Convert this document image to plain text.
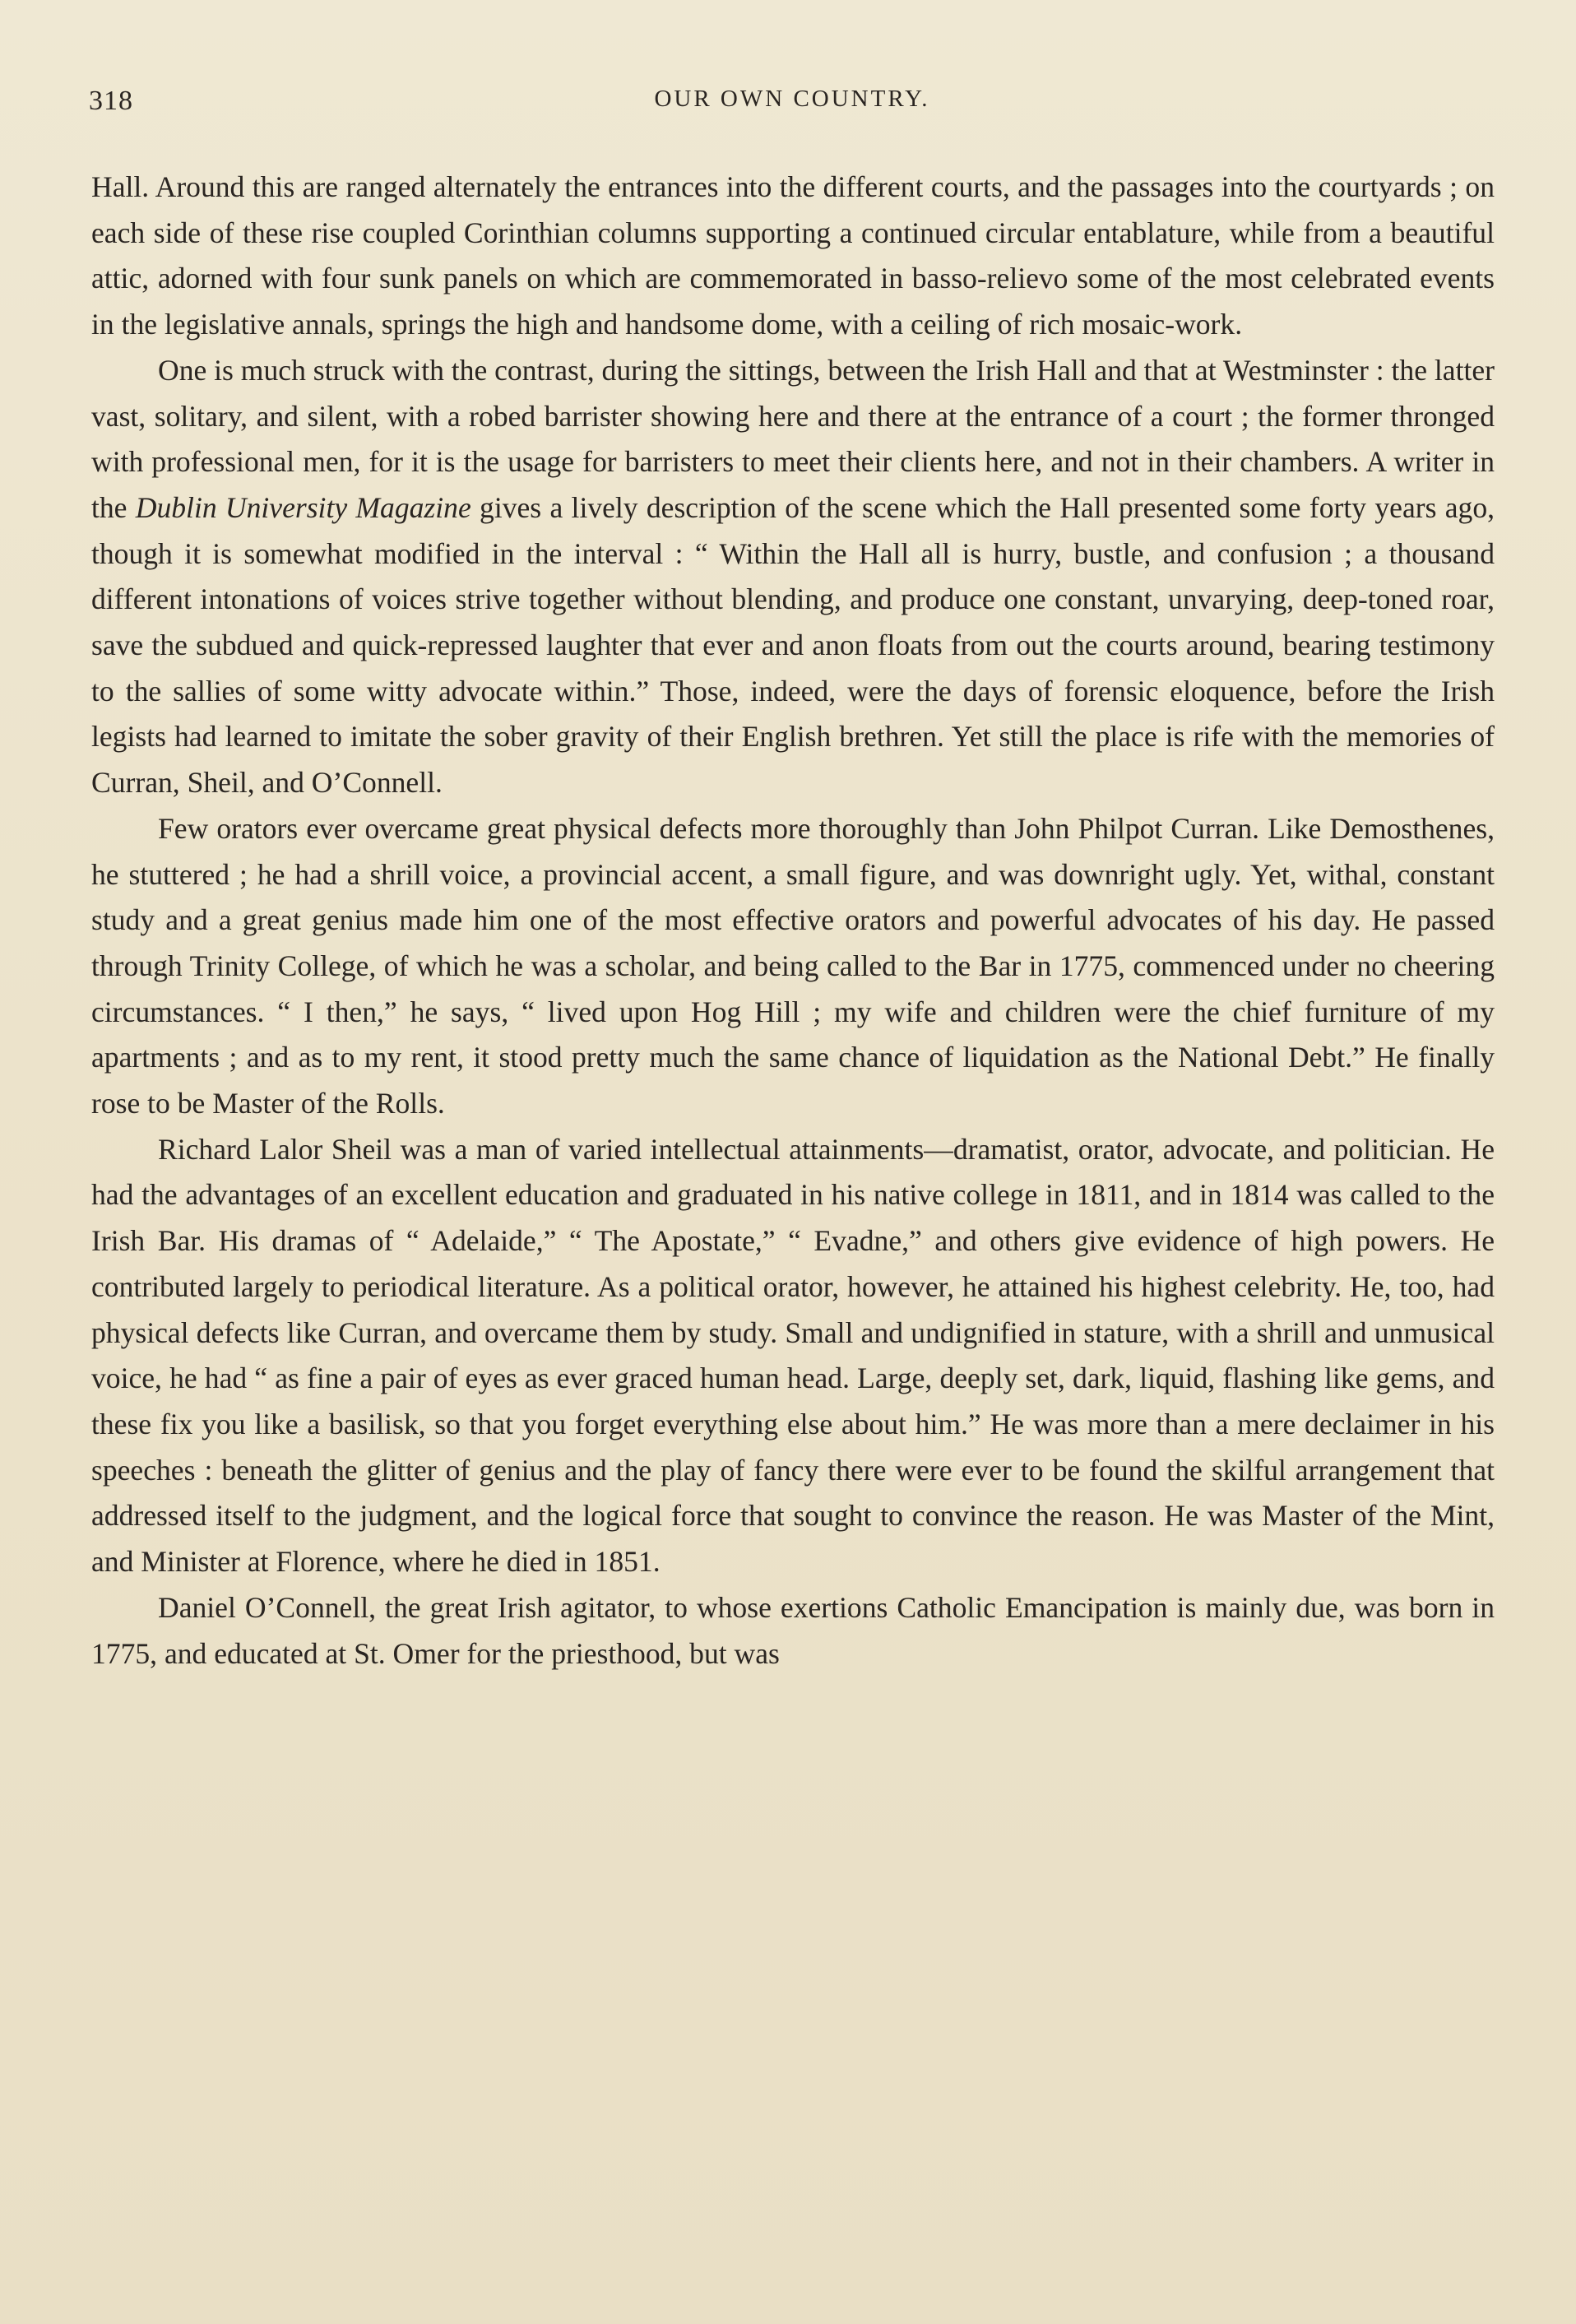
318	OUR OWN COUNTRY.

Hall. Around this are ranged alternately the entrances into the different courts, and the passages into the courtyards ; on each side of these rise coupled Corinthian columns supporting a continued circular entablature, while from a beautiful attic, adorned with four sunk panels on which are commemorated in basso-relievo some of the most celebrated events in the legislative annals, springs the high and handsome dome, with a ceiling of rich mosaic-work.

One is much struck with the contrast, during the sittings, between the Irish Hall and that at Westminster : the latter vast, solitary, and silent, with a robed barrister showing here and there at the entrance of a court ; the former thronged with professional men, for it is the usage for barristers to meet their clients here, and not in their chambers. A writer in the Dublin University Magazine gives a lively description of the scene which the Hall presented some forty years ago, though it is somewhat modified in the interval : “ Within the Hall all is hurry, bustle, and confusion ; a thousand different intonations of voices strive together without blending, and produce one constant, unvarying, deep-toned roar, save the subdued and quick-repressed laughter that ever and anon floats from out the courts around, bearing testimony to the sallies of some witty advocate within.” Those, indeed, were the days of forensic eloquence, before the Irish legists had learned to imitate the sober gravity of their English brethren. Yet still the place is rife with the memories of Curran, Sheil, and O’Connell.

Few orators ever overcame great physical defects more thoroughly than John Philpot Curran. Like Demosthenes, he stuttered ; he had a shrill voice, a provincial accent, a small figure, and was downright ugly. Yet, withal, constant study and a great genius made him one of the most effective orators and powerful advocates of his day. He passed through Trinity College, of which he was a scholar, and being called to the Bar in 1775, commenced under no cheering circumstances. “ I then,” he says, “ lived upon Hog Hill ; my wife and children were the chief furniture of my apartments ; and as to my rent, it stood pretty much the same chance of liquidation as the National Debt.” He finally rose to be Master of the Rolls.

Richard Lalor Sheil was a man of varied intellectual attainments—dramatist, orator, advocate, and politician. He had the advantages of an excellent education and graduated in his native college in 1811, and in 1814 was called to the Irish Bar. His dramas of “ Adelaide,” “ The Apostate,” “ Evadne,” and others give evidence of high powers. He contributed largely to periodical literature. As a political orator, however, he attained his highest celebrity. He, too, had physical defects like Curran, and overcame them by study. Small and undignified in stature, with a shrill and unmusical voice, he had “ as fine a pair of eyes as ever graced human head. Large, deeply set, dark, liquid, flashing like gems, and these fix you like a basilisk, so that you forget everything else about him.” He was more than a mere declaimer in his speeches : beneath the glitter of genius and the play of fancy there were ever to be found the skilful arrangement that addressed itself to the judgment, and the logical force that sought to convince the reason. He was Master of the Mint, and Minister at Florence, where he died in 1851.

Daniel O’Connell, the great Irish agitator, to whose exertions Catholic Emancipation is mainly due, was born in 1775, and educated at St. Omer for the priesthood, but was
